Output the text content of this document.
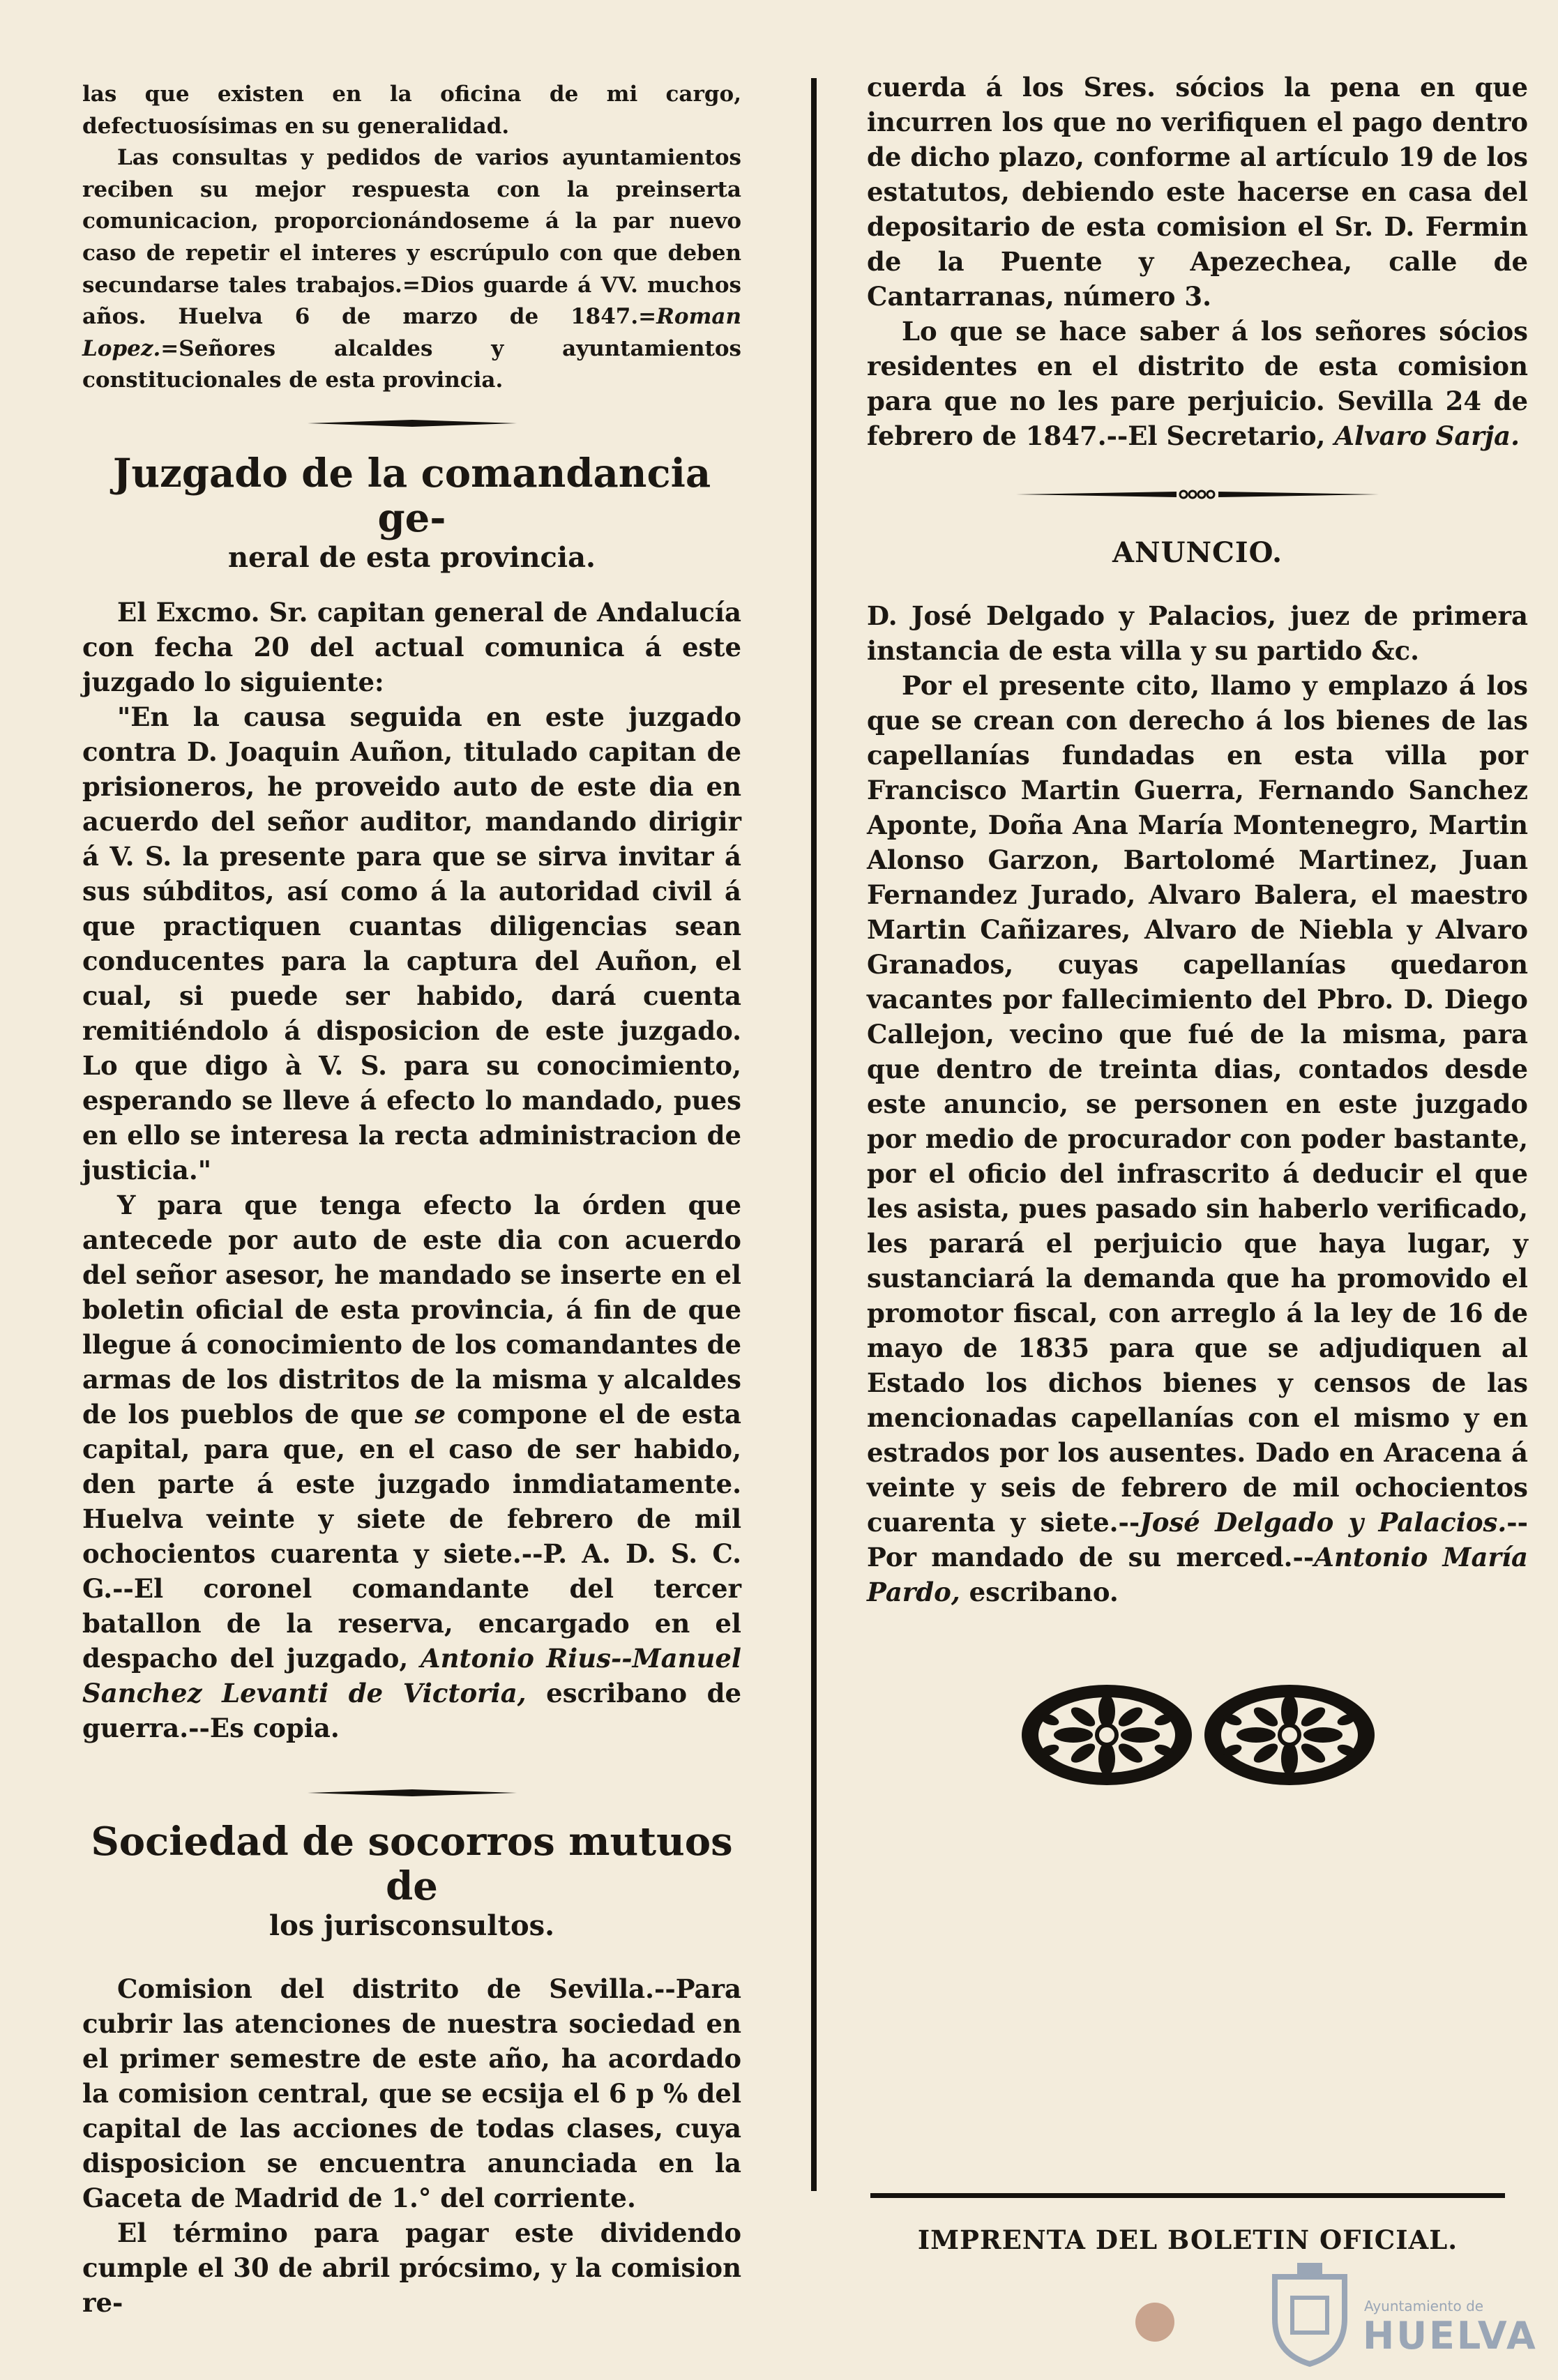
las que existen en la oficina de mi cargo, defectuosísimas en su generalidad.

Las consultas y pedidos de varios ayuntamientos reciben su mejor respuesta con la preinserta comunicacion, proporcionándoseme á la par nuevo caso de repetir el interes y escrúpulo con que deben secundarse tales trabajos.=Dios guarde á VV. muchos años. Huelva 6 de marzo de 1847.=Roman Lopez.=Señores alcaldes y ayuntamientos constitucionales de esta provincia.

Juzgado de la comandancia ge-
neral de esta provincia.

El Excmo. Sr. capitan general de Andalucía con fecha 20 del actual comunica á este juzgado lo siguiente:

"En la causa seguida en este juzgado contra D. Joaquin Auñon, titulado capitan de prisioneros, he proveido auto de este dia en acuerdo del señor auditor, mandando dirigir á V. S. la presente para que se sirva invitar á sus súbditos, así como á la autoridad civil á que practiquen cuantas diligencias sean conducentes para la captura del Auñon, el cual, si puede ser habido, dará cuenta remitiéndolo á disposicion de este juzgado. Lo que digo à V. S. para su conocimiento, esperando se lleve á efecto lo mandado, pues en ello se interesa la recta administracion de justicia."

Y para que tenga efecto la órden que antecede por auto de este dia con acuerdo del señor asesor, he mandado se inserte en el boletin oficial de esta provincia, á fin de que llegue á conocimiento de los comandantes de armas de los distritos de la misma y alcaldes de los pueblos de que se compone el de esta capital, para que, en el caso de ser habido, den parte á este juzgado inmdiatamente. Huelva veinte y siete de febrero de mil ochocientos cuarenta y siete.--P. A. D. S. C. G.--El coronel comandante del tercer batallon de la reserva, encargado en el despacho del juzgado, Antonio Rius--Manuel Sanchez Levanti de Victoria, escribano de guerra.--Es copia.

Sociedad de socorros mutuos de
los jurisconsultos.

Comision del distrito de Sevilla.--Para cubrir las atenciones de nuestra sociedad en el primer semestre de este año, ha acordado la comision central, que se ecsija el 6 p % del capital de las acciones de todas clases, cuya disposicion se encuentra anunciada en la Gaceta de Madrid de 1.° del corriente.

El término para pagar este dividendo cumple el 30 de abril prócsimo, y la comision re-

cuerda á los Sres. sócios la pena en que incurren los que no verifiquen el pago dentro de dicho plazo, conforme al artículo 19 de los estatutos, debiendo este hacerse en casa del depositario de esta comision el Sr. D. Fermin de la Puente y Apezechea, calle de Cantarranas, número 3.

Lo que se hace saber á los señores sócios residentes en el distrito de esta comision para que no les pare perjuicio. Sevilla 24 de febrero de 1847.--El Secretario, Alvaro Sarja.

ANUNCIO.

D. José Delgado y Palacios, juez de primera instancia de esta villa y su partido &c.

Por el presente cito, llamo y emplazo á los que se crean con derecho á los bienes de las capellanías fundadas en esta villa por Francisco Martin Guerra, Fernando Sanchez Aponte, Doña Ana María Montenegro, Martin Alonso Garzon, Bartolomé Martinez, Juan Fernandez Jurado, Alvaro Balera, el maestro Martin Cañizares, Alvaro de Niebla y Alvaro Granados, cuyas capellanías quedaron vacantes por fallecimiento del Pbro. D. Diego Callejon, vecino que fué de la misma, para que dentro de treinta dias, contados desde este anuncio, se personen en este juzgado por medio de procurador con poder bastante, por el oficio del infrascrito á deducir el que les asista, pues pasado sin haberlo verificado, les parará el perjuicio que haya lugar, y sustanciará la demanda que ha promovido el promotor fiscal, con arreglo á la ley de 16 de mayo de 1835 para que se adjudiquen al Estado los dichos bienes y censos de las mencionadas capellanías con el mismo y en estrados por los ausentes. Dado en Aracena á veinte y seis de febrero de mil ochocientos cuarenta y siete.--José Delgado y Palacios.--Por mandado de su merced.--Antonio María Pardo, escribano.

IMPRENTA DEL BOLETIN OFICIAL.
Ayuntamiento de
HUELVA
